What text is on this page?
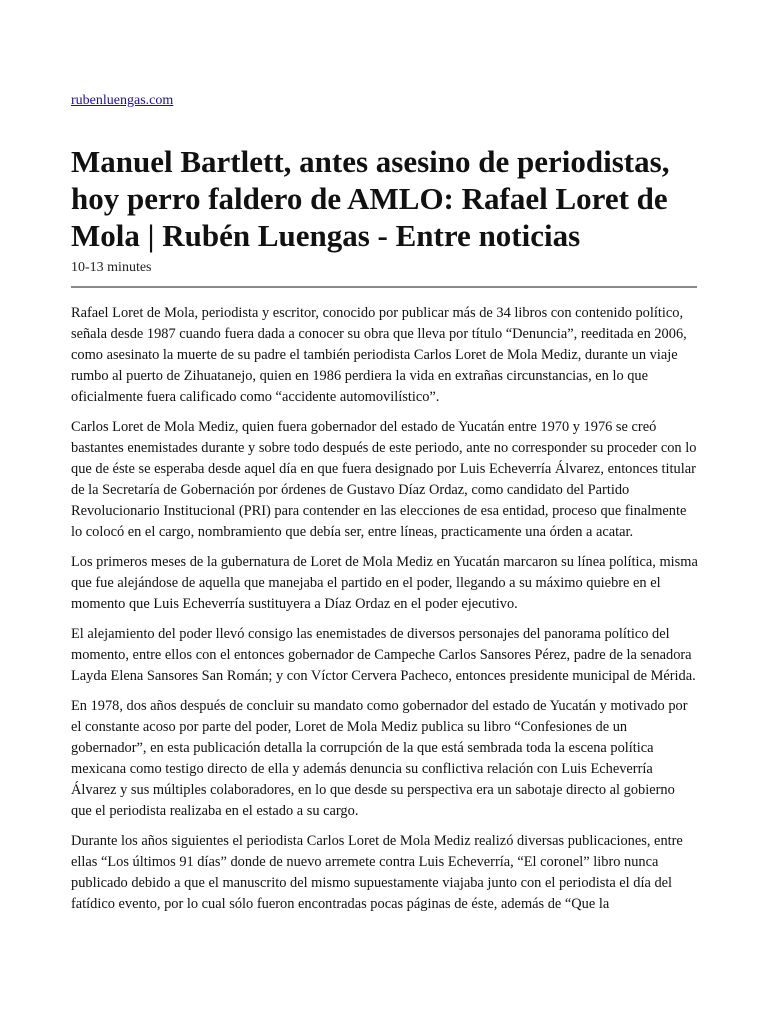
rubenluengas.com
Manuel Bartlett, antes asesino de periodistas, hoy perro faldero de AMLO: Rafael Loret de Mola | Rubén Luengas - Entre noticias
10-13 minutes

Rafael Loret de Mola, periodista y escritor, conocido por publicar más de 34 libros con contenido político, señala desde 1987 cuando fuera dada a conocer su obra que lleva por título “Denuncia”, reeditada en 2006, como asesinato la muerte de su padre el también periodista Carlos Loret de Mola Mediz, durante un viaje rumbo al puerto de Zihuatanejo, quien en 1986 perdiera la vida en extrañas circunstancias, en lo que oficialmente fuera calificado como “accidente automovilístico”.

Carlos Loret de Mola Mediz, quien fuera gobernador del estado de Yucatán entre 1970 y 1976 se creó bastantes enemistades durante y sobre todo después de este periodo, ante no corresponder su proceder con lo que de éste se esperaba desde aquel día en que fuera designado por Luis Echeverría Álvarez, entonces titular de la Secretaría de Gobernación por órdenes de Gustavo Díaz Ordaz, como candidato del Partido Revolucionario Institucional (PRI) para contender en las elecciones de esa entidad, proceso que finalmente lo colocó en el cargo, nombramiento que debía ser, entre líneas, practicamente una órden a acatar.

Los primeros meses de la gubernatura de Loret de Mola Mediz en Yucatán marcaron su línea política, misma que fue alejándose de aquella que manejaba el partido en el poder, llegando a su máximo quiebre en el momento que Luis Echeverría sustituyera a Díaz Ordaz en el poder ejecutivo.

El alejamiento del poder llevó consigo las enemistades de diversos personajes del panorama político del momento, entre ellos con el entonces gobernador de Campeche Carlos Sansores Pérez, padre de la senadora Layda Elena Sansores San Román; y con Víctor Cervera Pacheco, entonces presidente municipal de Mérida.

En 1978, dos años después de concluir su mandato como gobernador del estado de Yucatán y motivado por el constante acoso por parte del poder, Loret de Mola Mediz publica su libro “Confesiones de un gobernador”, en esta publicación detalla la corrupción de la que está sembrada toda la escena política mexicana como testigo directo de ella y además denuncia su conflictiva relación con Luis Echeverría Álvarez y sus múltiples colaboradores, en lo que desde su perspectiva era un sabotaje directo al gobierno que el periodista realizaba en el estado a su cargo.

Durante los años siguientes el periodista Carlos Loret de Mola Mediz realizó diversas publicaciones, entre ellas “Los últimos 91 días” donde de nuevo arremete contra Luis Echeverría, “El coronel” libro nunca publicado debido a que el manuscrito del mismo supuestamente viajaba junto con el periodista el día del fatídico evento, por lo cual sólo fueron encontradas pocas páginas de éste, además de “Que la
